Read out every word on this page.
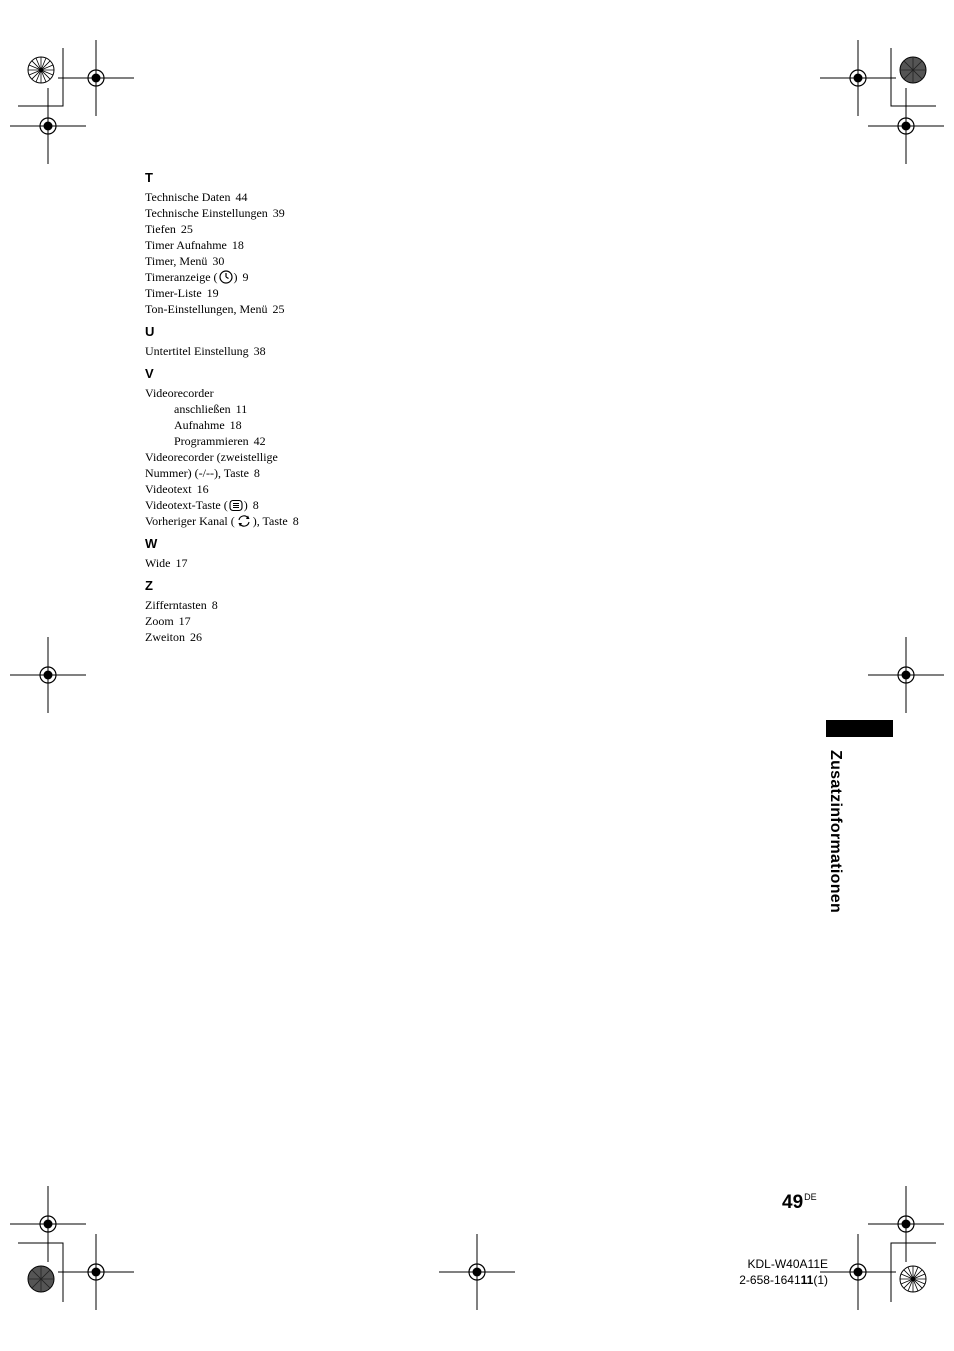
T
Technische Daten 44
Technische Einstellungen 39
Tiefen 25
Timer Aufnahme 18
Timer, Menü 30
Timeranzeige ( ) 9
Timer-Liste 19
Ton-Einstellungen, Menü 25
U
Untertitel Einstellung 38
V
Videorecorder
anschließen 11
Aufnahme 18
Programmieren 42
Videorecorder (zweistellige
Nummer) (-/--), Taste 8
Videotext 16
Videotext-Taste ( ) 8
Vorheriger Kanal ( ), Taste 8
W
Wide 17
Z
Zifferntasten 8
Zoom 17
Zweiton 26
Zusatzinformationen
49DE
KDL-W40A11E
2-658-164111(1)
